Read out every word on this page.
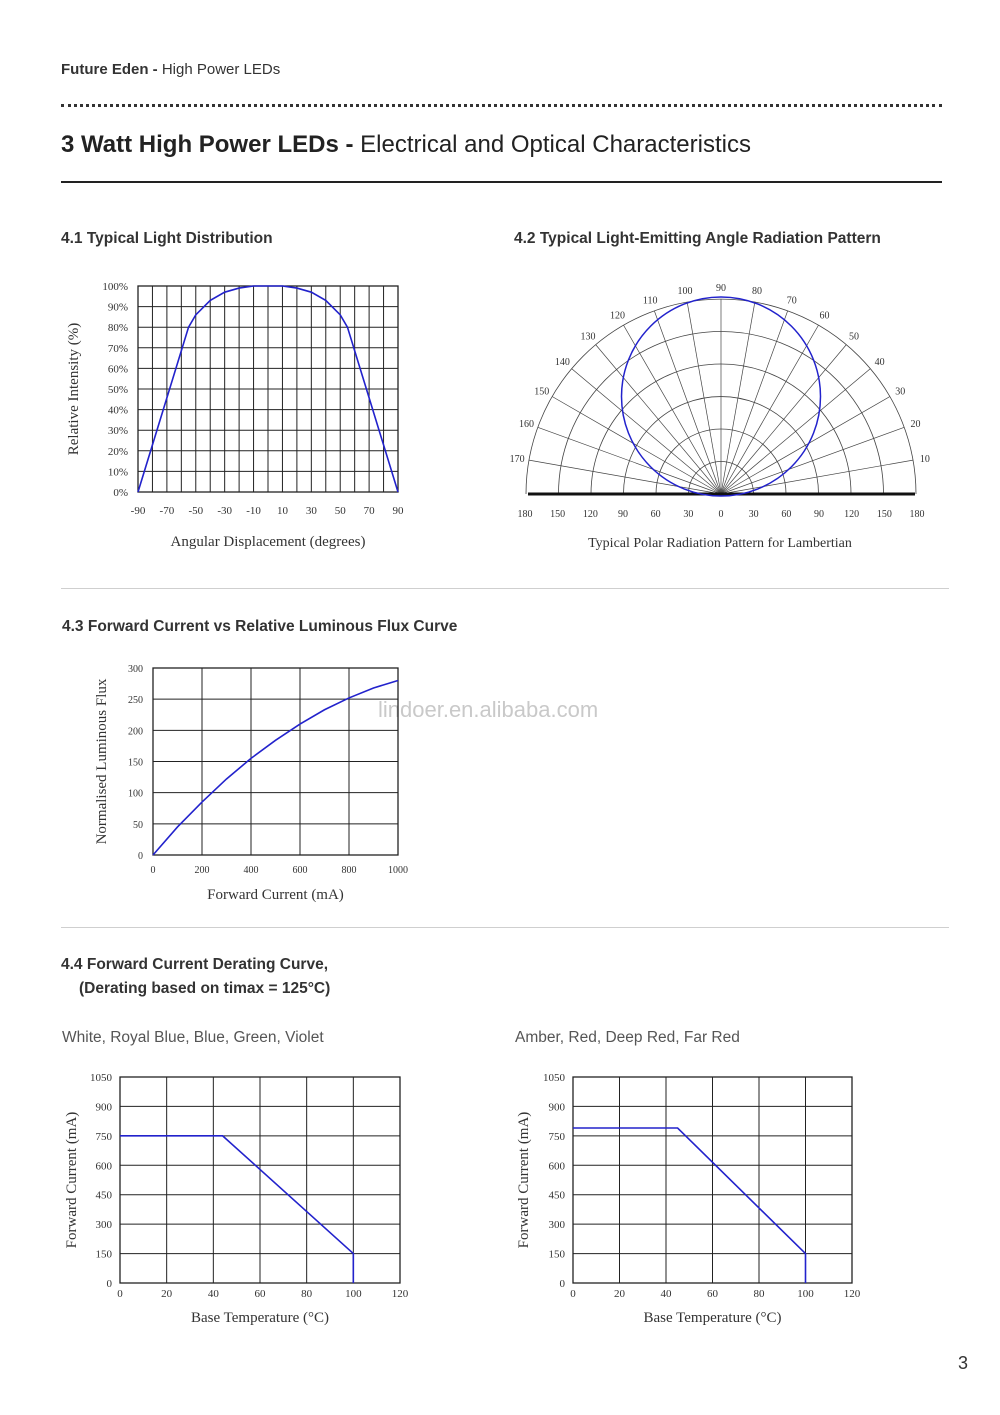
Future Eden - High Power LEDs
3 Watt High Power LEDs - Electrical and Optical Characteristics
4.1 Typical Light Distribution	4.2 Typical Light-Emitting Angle Radiation Pattern
4.3 Forward Current vs Relative Luminous Flux Curve
4.4 Forward Current Derating Curve,
(Derating based on timax = 125°C)
White, Royal Blue, Blue, Green, Violet	Amber, Red, Deep Red, Far Red
lindoer.en.alibaba.com
3
0%
10%
20%
30%
40%
50%
60%
70%
80%
90%
100%
-90 -70 -50 -30 -10 10 30 50 70 90
Angular Displacement (degrees)
Relative Intensity (%)
10
20
30
40
50
60
70
80
90
100
110
120
130
140
150
160
170
180 150 120 90 60 30	0	30 60 90 120 150 180
Typical Polar Radiation Pattern for Lambertian
0
50
100
150
200
250
300
0	200	400	600	800	1000
Forward Current (mA)
Normalised Luminous Flux
0
150
300
450
600
750
900
1050
0	20	40	60	80	100	120
Base Temperature (°C)
Forward Current (mA)
0
150
300
450
600
750
900
1050
0	20	40	60	80	100	120
Base Temperature (°C)
Forward Current (mA)
